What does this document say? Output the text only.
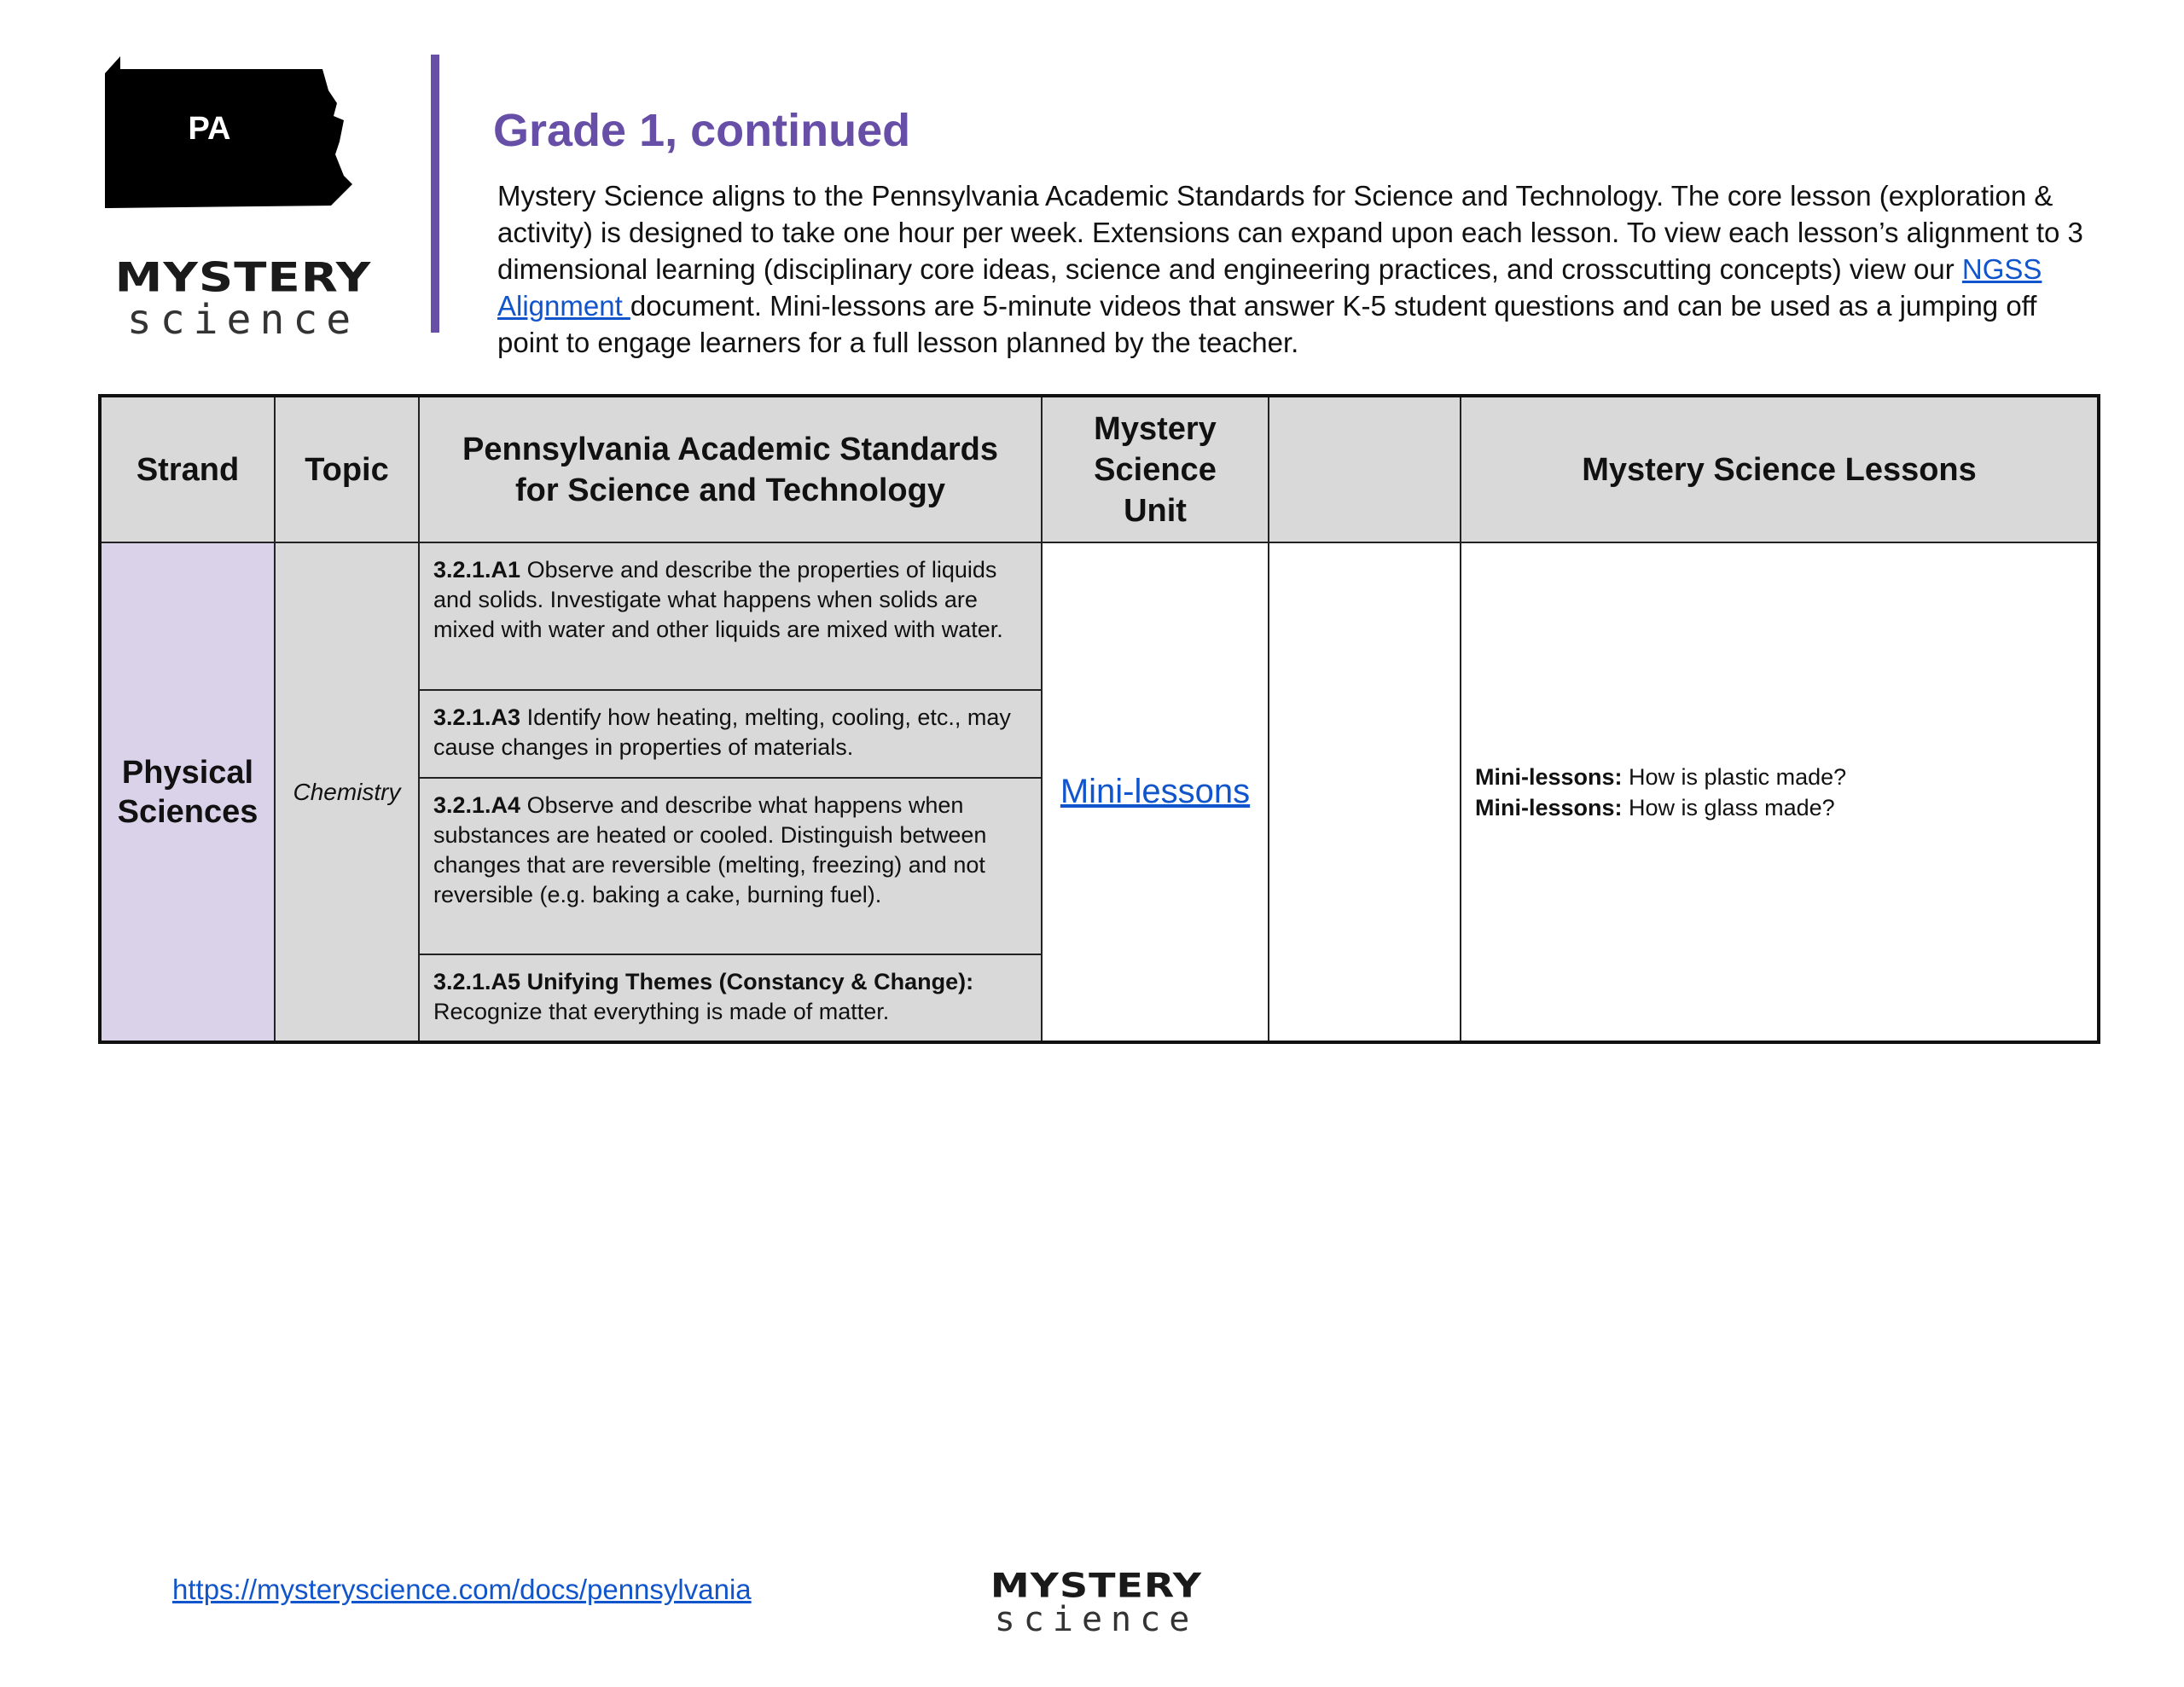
PA
MYSTERY
science
Grade 1, continued
Mystery Science aligns to the Pennsylvania Academic Standards for Science and Technology. The core lesson (exploration & activity) is designed to take one hour per week. Extensions can expand upon each lesson. To view each lesson’s alignment to 3 dimensional learning (disciplinary core ideas, science and engineering practices, and crosscutting concepts) view our NGSS Alignment document. Mini-lessons are 5-minute videos that answer K-5 student questions and can be used as a jumping off point to engage learners for a full lesson planned by the teacher.
Strand	Topic	Pennsylvania Academic Standards for Science and Technology	Mystery Science Unit		Mystery Science Lessons
Physical Sciences	Chemistry	3.2.1.A1 Observe and describe the properties of liquids and solids. Investigate what happens when solids are mixed with water and other liquids are mixed with water.	Mini-lessons		Mini-lessons: How is plastic made?
Mini-lessons: How is glass made?

		3.2.1.A3 Identify how heating, melting, cooling, etc., may cause changes in properties of materials.			
		3.2.1.A4 Observe and describe what happens when substances are heated or cooled. Distinguish between changes that are reversible (melting, freezing) and not reversible (e.g. baking a cake, burning fuel).			
		3.2.1.A5 Unifying Themes (Constancy & Change): Recognize that everything is made of matter.			
https://mysteryscience.com/docs/pennsylvania	MYSTERY
science
